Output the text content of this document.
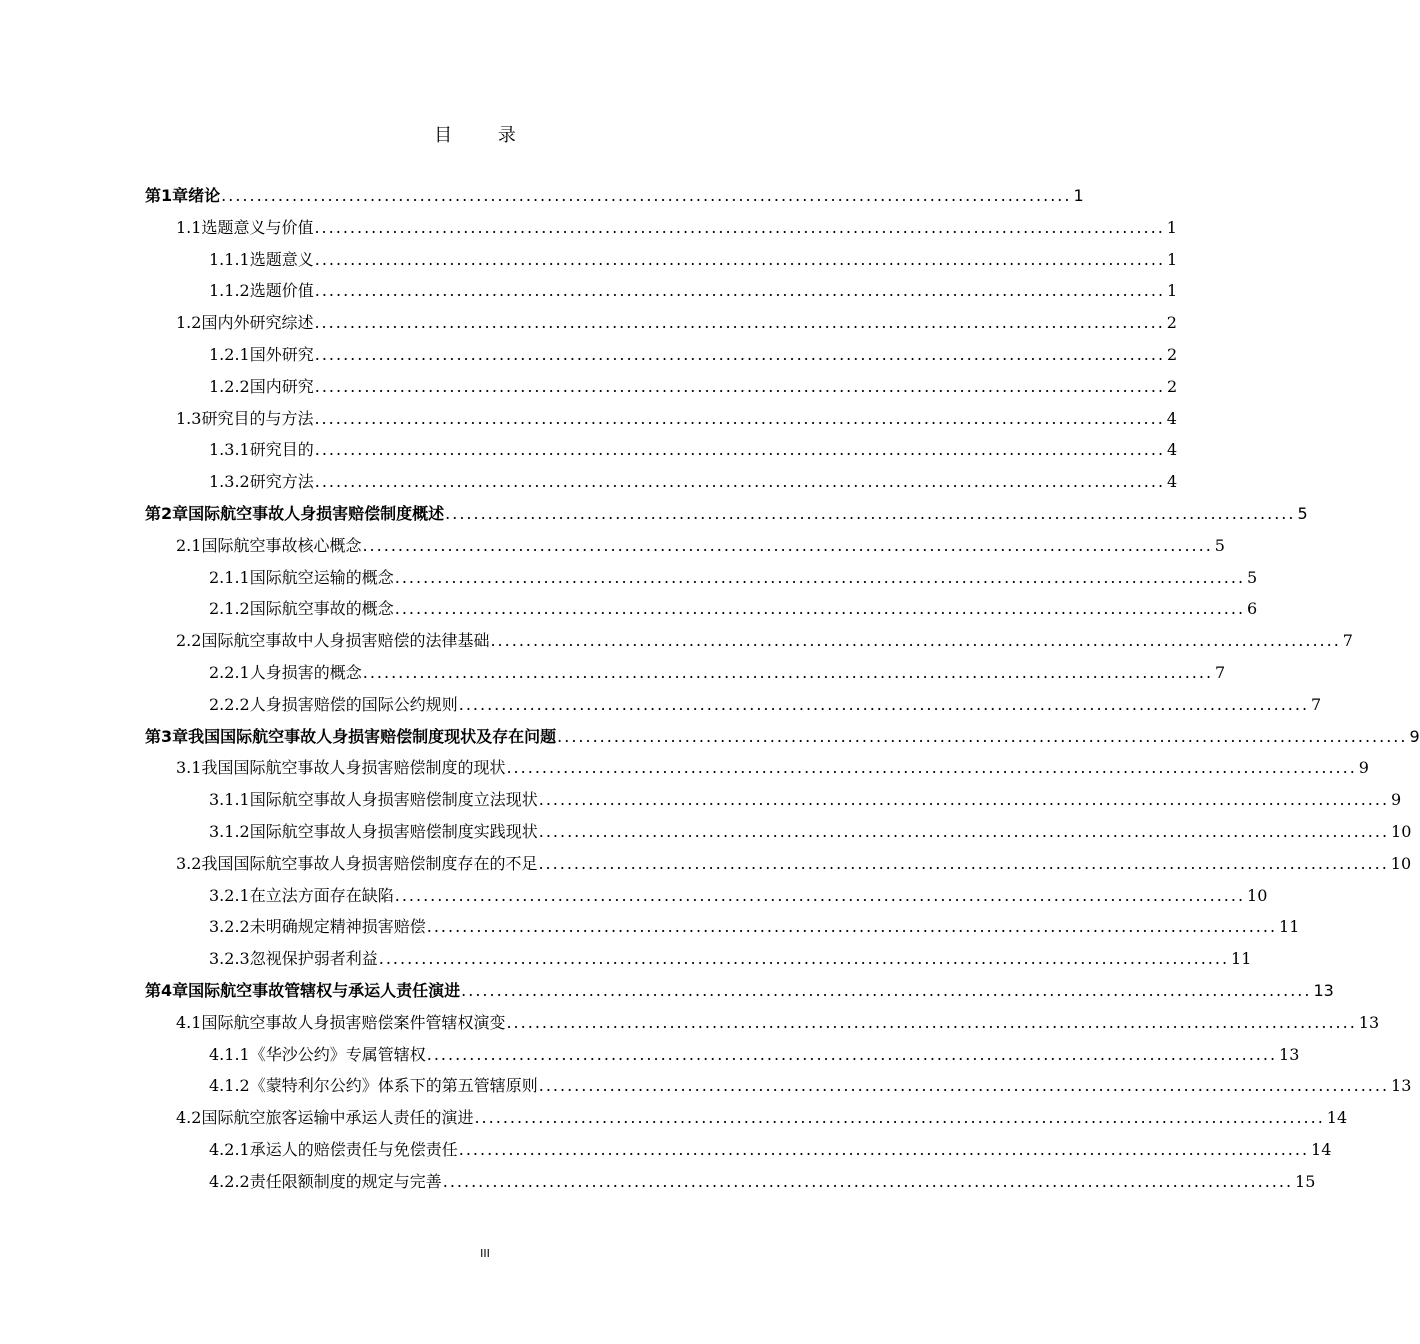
目 录
第1章 绪论 ........................................................................................................................ 1
1.1 选题意义与价值 ........................................................................................................................ 1
1.1.1 选题意义 ........................................................................................................................ 1
1.1.2 选题价值 ........................................................................................................................ 1
1.2 国内外研究综述 ........................................................................................................................ 2
1.2.1 国外研究 ........................................................................................................................ 2
1.2.2 国内研究 ........................................................................................................................ 2
1.3 研究目的与方法 ........................................................................................................................ 4
1.3.1 研究目的 ........................................................................................................................ 4
1.3.2 研究方法 ........................................................................................................................ 4
第2章 国际航空事故人身损害赔偿制度概述 ........................................................................................................................ 5
2.1 国际航空事故核心概念 ........................................................................................................................ 5
2.1.1 国际航空运输的概念 ........................................................................................................................ 5
2.1.2 国际航空事故的概念 ........................................................................................................................ 6
2.2 国际航空事故中人身损害赔偿的法律基础 ........................................................................................................................ 7
2.2.1 人身损害的概念 ........................................................................................................................ 7
2.2.2 人身损害赔偿的国际公约规则 ........................................................................................................................ 7
第3章 我国国际航空事故人身损害赔偿制度现状及存在问题 ........................................................................................................................ 9
3.1 我国国际航空事故人身损害赔偿制度的现状 ........................................................................................................................ 9
3.1.1 国际航空事故人身损害赔偿制度立法现状 ........................................................................................................................ 9
3.1.2 国际航空事故人身损害赔偿制度实践现状 ........................................................................................................................ 10
3.2 我国国际航空事故人身损害赔偿制度存在的不足 ........................................................................................................................ 10
3.2.1 在立法方面存在缺陷 ........................................................................................................................ 10
3.2.2 未明确规定精神损害赔偿 ........................................................................................................................ 11
3.2.3 忽视保护弱者利益 ........................................................................................................................ 11
第4章 国际航空事故管辖权与承运人责任演进 ........................................................................................................................ 13
4.1 国际航空事故人身损害赔偿案件管辖权演变 ........................................................................................................................ 13
4.1.1 《华沙公约》专属管辖权 ........................................................................................................................ 13
4.1.2 《蒙特利尔公约》体系下的第五管辖原则 ........................................................................................................................ 13
4.2 国际航空旅客运输中承运人责任的演进 ........................................................................................................................ 14
4.2.1 承运人的赔偿责任与免偿责任 ........................................................................................................................ 14
4.2.2 责任限额制度的规定与完善 ........................................................................................................................ 15
III
